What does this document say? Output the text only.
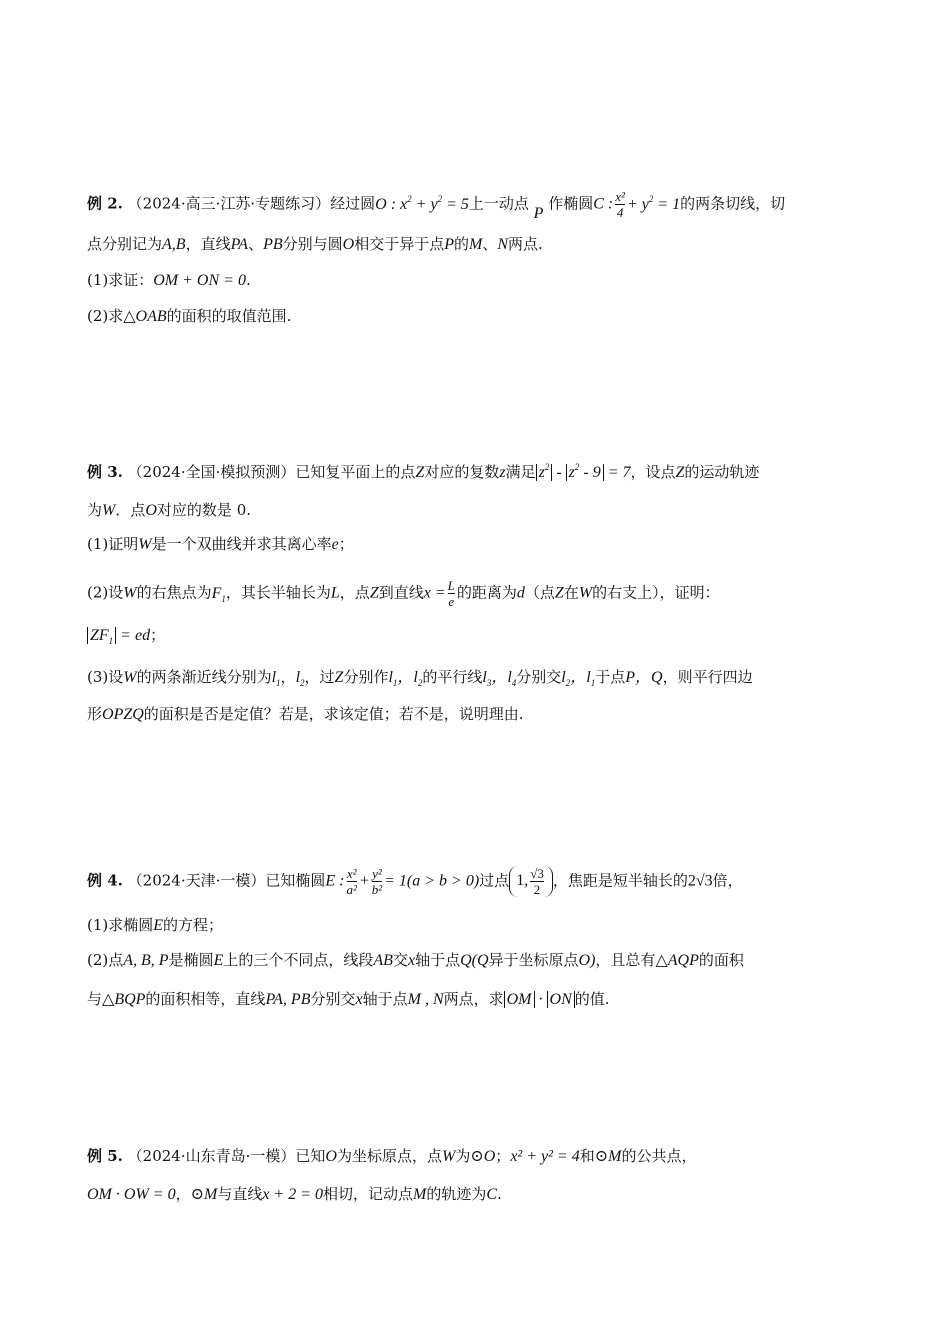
例 2. （2024·高三·江苏·专题练习）经过圆O : $x^2 + y^2 = 5$上一动点 P 作椭圆C : $\frac{\text{x²}}{4} + y^2 = 1$的两条切线，切
点分别记为A,B，直线PA、PB分别与圆O相交于异于点P的M、N两点.
(1)求证：OM + ON = 0.
(2)求△OAB的面积的取值范围.
例 3. （2024·全国·模拟预测）已知复平面上的点Z对应的复数z满足 $z^2 - z^2 - 9 = 7$，设点Z的运动轨迹
为W．点O对应的数是 0.
(1)证明W是一个双曲线并求其离心率e；
(2)设W的右焦点为$F_1$，其长半轴长为L，点Z到直线$x = \frac{L}{e}$ 的距离为d（点Z在W的右支上），证明：
$ZF_1$ = ed；
(3)设W的两条渐近线分别为$l_1$，$l_2$，过Z分别作$l_1$，$l_2$的平行线$l_3$，$l_4$分别交$l_2$，$l_1$于点P，Q，则平行四边
形OPZQ的面积是否是定值？若是，求该定值；若不是，说明理由.
例 4. （2024·天津·一模）已知椭圆E : $\frac{\text{x²}}{\text{a²}} + \frac{\text{y²}}{\text{b²}} = 1(a > b > 0)$过点 1, $\frac{√3}{2}$ ，焦距是短半轴长的2√3倍，
(1)求椭圆E的方程；
(2)点A, B, P是椭圆E上的三个不同点，线段AB交x轴于点Q(Q异于坐标原点O)，且总有△AQP的面积
与△BQP的面积相等，直线PA, PB分别交x轴于点M , N两点，求 OM · ON 的值.
例 5. （2024·山东青岛·一模）已知O为坐标原点，点W为⊙O；x² + y² = 4和⊙M的公共点，
OM · OW = 0，⊙M与直线x + 2 = 0相切，记动点M的轨迹为C.
